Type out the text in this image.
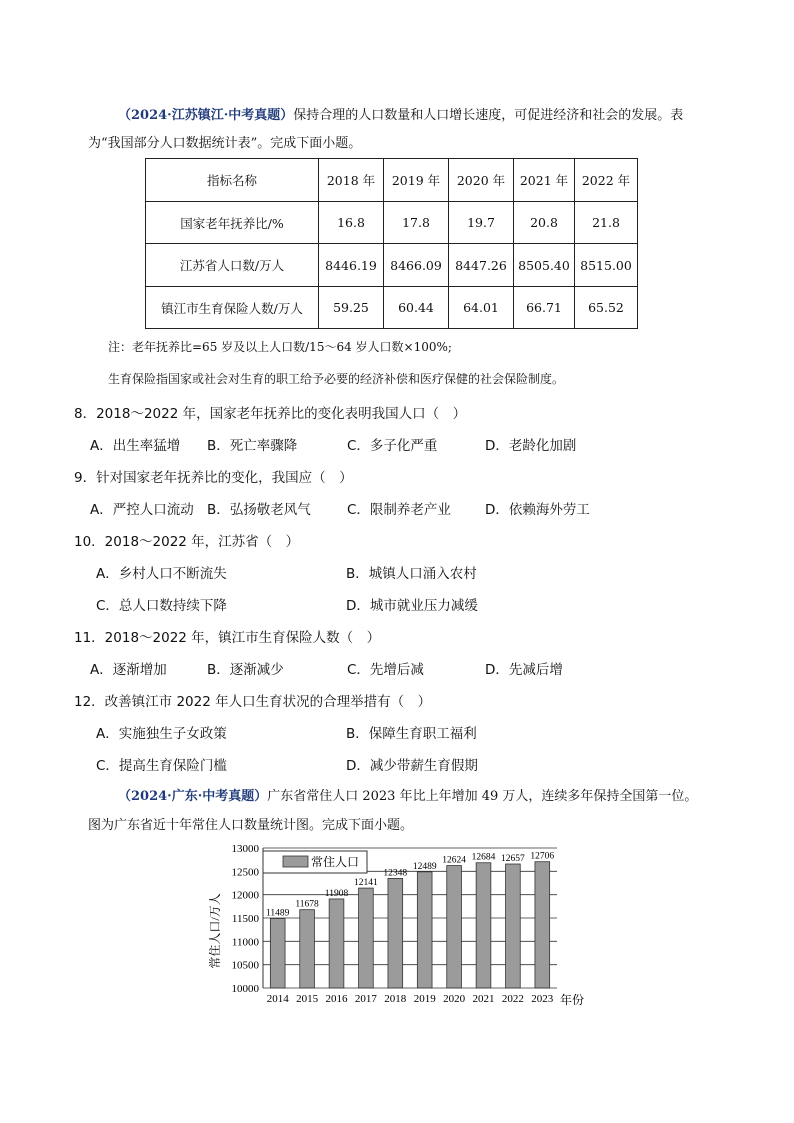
（2024·江苏镇江·中考真题）保持合理的人口数量和人口增长速度，可促进经济和社会的发展。表
为“我国部分人口数据统计表”。完成下面小题。
指标名称	2018 年	2019 年	2020 年	2021 年	2022 年
国家老年抚养比/%	16.8	17.8	19.7	20.8	21.8
江苏省人口数/万人	8446.19	8466.09	8447.26	8505.40	8515.00
镇江市生育保险人数/万人	59.25	60.44	64.01	66.71	65.52
注：老年抚养比=65 岁及以上人口数/15～64 岁人口数×100%;
生育保险指国家或社会对生育的职工给予必要的经济补偿和医疗保健的社会保险制度。
8．2018～2022 年，国家老年抚养比的变化表明我国人口（　）
A．出生率猛增 B．死亡率骤降	C．多子化严重	D．老龄化加剧
9．针对国家老年抚养比的变化，我国应（　）
A．严控人口流动 B．弘扬敬老风气	C．限制养老产业	D．依赖海外劳工
10．2018～2022 年，江苏省（　）
A．乡村人口不断流失	B．城镇人口涌入农村
C．总人口数持续下降	D．城市就业压力减缓
11．2018～2022 年，镇江市生育保险人数（　）
A．逐渐增加	B．逐渐减少	C．先增后减	D．先减后增
12．改善镇江市 2022 年人口生育状况的合理举措有（　）
A．实施独生子女政策	B．保障生育职工福利
C．提高生育保险门槛	D．减少带薪生育假期
（2024·广东·中考真题）广东省常住人口 2023 年比上年增加 49 万人，连续多年保持全国第一位。
图为广东省近十年常住人口数量统计图。完成下面小题。
11489
11678
11908
12141
12348
12489
12624 12684 12657 12706
10000
10500
11000
11500
12000
12500
13000
2014 2015 2016 2017 2018 2019 2020 2021 2022 2023
常住人口
常住人口/万人
年份
